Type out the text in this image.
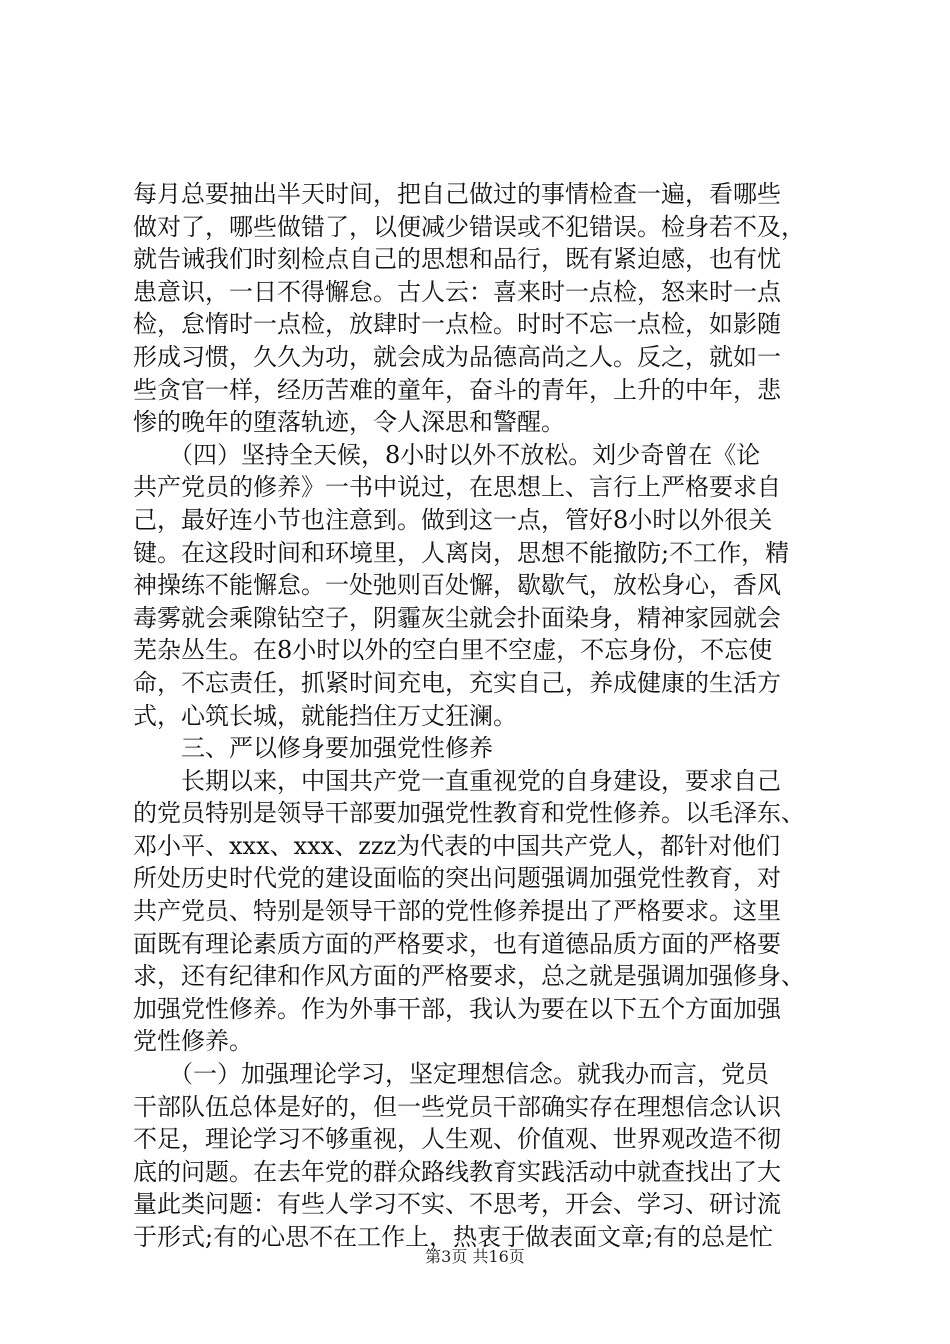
每月总要抽出半天时间，把自己做过的事情检查一遍，看哪些
做对了，哪些做错了，以便减少错误或不犯错误。检身若不及，
就告诫我们时刻检点自己的思想和品行，既有紧迫感，也有忧
患意识，一日不得懈怠。古人云：喜来时一点检，怒来时一点
检，怠惰时一点检，放肆时一点检。时时不忘一点检，如影随
形成习惯，久久为功，就会成为品德高尚之人。反之，就如一
些贪官一样，经历苦难的童年，奋斗的青年，上升的中年，悲
惨的晚年的堕落轨迹，令人深思和警醒。
　　（四）坚持全天候，8小时以外不放松。刘少奇曾在《论
共产党员的修养》一书中说过，在思想上、言行上严格要求自
己，最好连小节也注意到。做到这一点，管好8小时以外很关
键。在这段时间和环境里，人离岗，思想不能撤防;不工作，精
神操练不能懈怠。一处弛则百处懈，歇歇气，放松身心，香风
毒雾就会乘隙钻空子，阴霾灰尘就会扑面染身，精神家园就会
芜杂丛生。在8小时以外的空白里不空虚，不忘身份，不忘使
命，不忘责任，抓紧时间充电，充实自己，养成健康的生活方
式，心筑长城，就能挡住万丈狂澜。
　　三、严以修身要加强党性修养
　　长期以来，中国共产党一直重视党的自身建设，要求自己
的党员特别是领导干部要加强党性教育和党性修养。以毛泽东、
邓小平、xxx、xxx、zzz为代表的中国共产党人，都针对他们
所处历史时代党的建设面临的突出问题强调加强党性教育，对
共产党员、特别是领导干部的党性修养提出了严格要求。这里
面既有理论素质方面的严格要求，也有道德品质方面的严格要
求，还有纪律和作风方面的严格要求，总之就是强调加强修身、
加强党性修养。作为外事干部，我认为要在以下五个方面加强
党性修养。
　　（一）加强理论学习，坚定理想信念。就我办而言，党员
干部队伍总体是好的，但一些党员干部确实存在理想信念认识
不足，理论学习不够重视，人生观、价值观、世界观改造不彻
底的问题。在去年党的群众路线教育实践活动中就查找出了大
量此类问题：有些人学习不实、不思考，开会、学习、研讨流
于形式;有的心思不在工作上，热衷于做表面文章;有的总是忙
第3页 共16页
